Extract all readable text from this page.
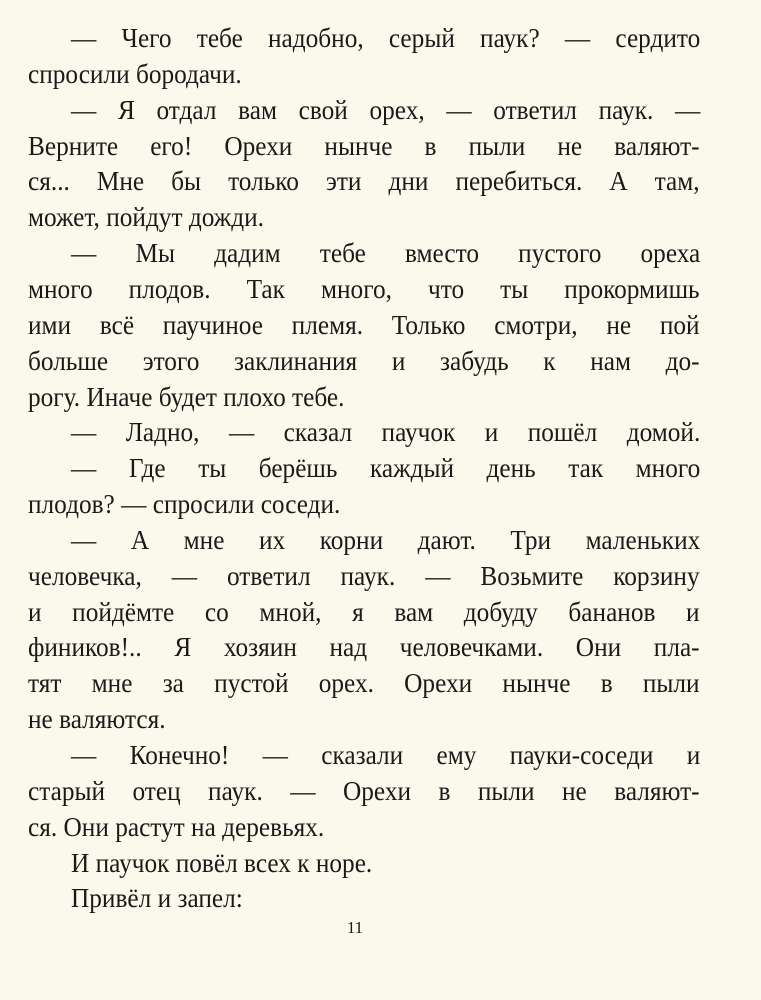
— Чего тебе надобно, серый паук? — сердито
спросили бородачи.
— Я отдал вам свой орех, — ответил паук. —
Верните его! Орехи нынче в пыли не валяют-
ся... Мне бы только эти дни перебиться. А там,
может, пойдут дожди.
— Мы дадим тебе вместо пустого ореха
много плодов. Так много, что ты прокормишь
ими всё паучиное племя. Только смотри, не пой
больше этого заклинания и забудь к нам до-
рогу. Иначе будет плохо тебе.
— Ладно, — сказал паучок и пошёл домой.
— Где ты берёшь каждый день так много
плодов? — спросили соседи.
— А мне их корни дают. Три маленьких
человечка, — ответил паук. — Возьмите корзину
и пойдёмте со мной, я вам добуду бананов и
фиников!.. Я хозяин над человечками. Они пла-
тят мне за пустой орех. Орехи нынче в пыли
не валяются.
— Конечно! — сказали ему пауки-соседи и
старый отец паук. — Орехи в пыли не валяют-
ся. Они растут на деревьях.
И паучок повёл всех к норе.
Привёл и запел:
11
